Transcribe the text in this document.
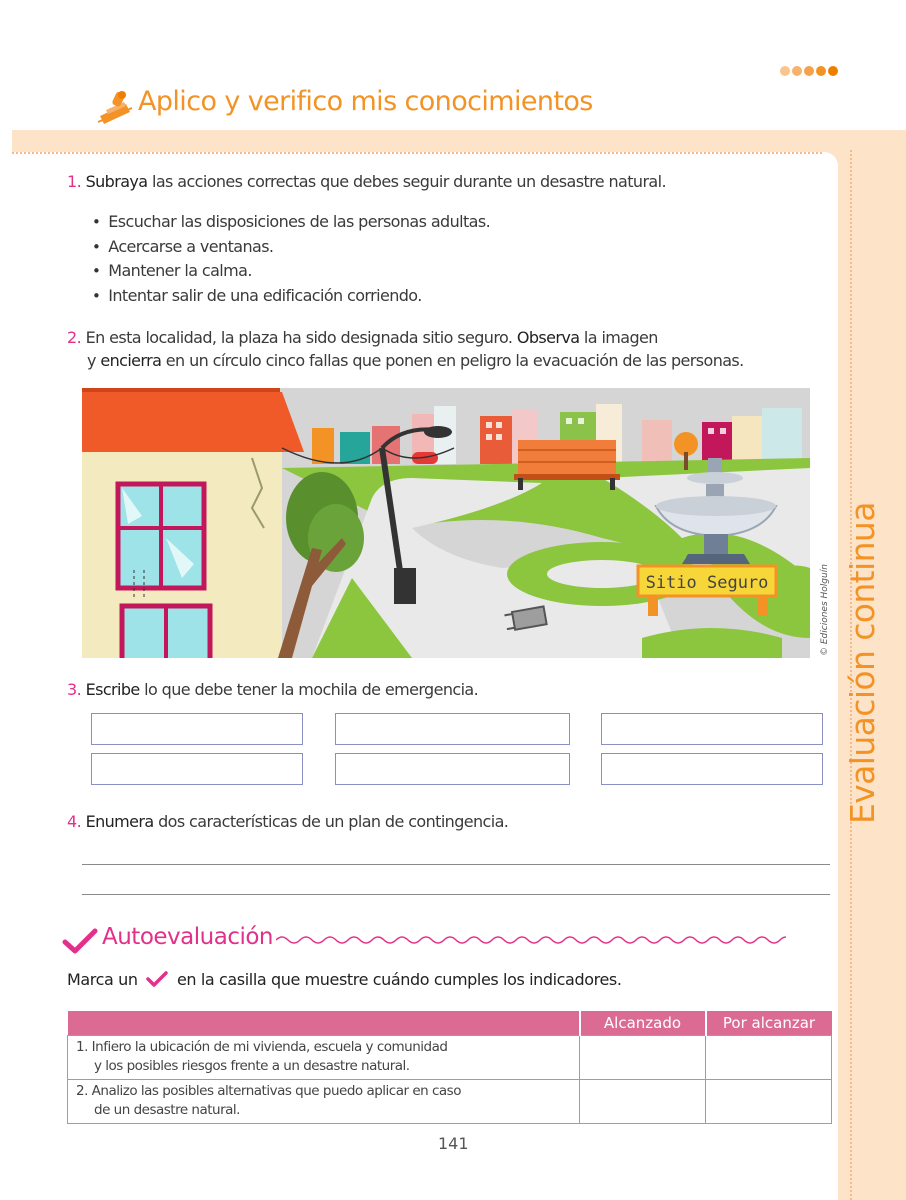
Aplico y verifico mis conocimientos
Evaluación continua
1. Subraya las acciones correctas que debes seguir durante un desastre natural.
• Escuchar las disposiciones de las personas adultas.
• Acercarse a ventanas.
• Mantener la calma.
• Intentar salir de una edificación corriendo.
2. En esta localidad, la plaza ha sido designada sitio seguro. Observa la imagen
y encierra en un círculo cinco fallas que ponen en peligro la evacuación de las personas.
Sitio Seguro	© Ediciones Holguín
3. Escribe lo que debe tener la mochila de emergencia.
4. Enumera dos características de un plan de contingencia.
Autoevaluación
Marca un  en la casilla que muestre cuándo cumples los indicadores.
	Alcanzado	Por alcanzar
1. Infiero la ubicación de mi vivienda, escuela y comunidad
y los posibles riesgos frente a un desastre natural.		

2. Analizo las posibles alternativas que puedo aplicar en caso
de un desastre natural.		

141
